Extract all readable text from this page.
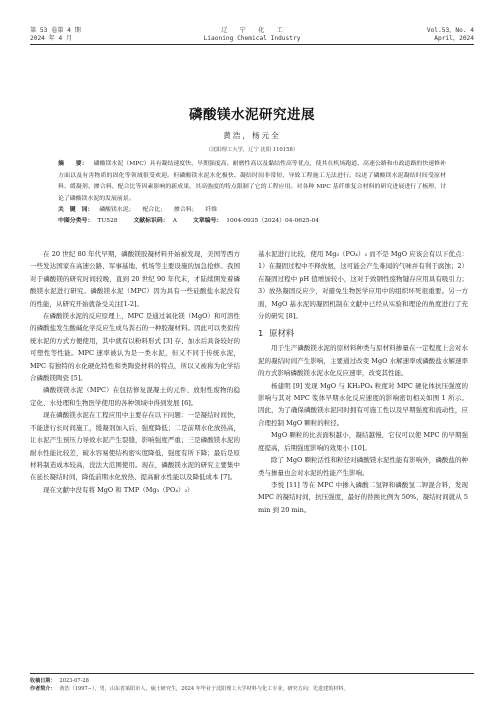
第 53 卷第 4 期
2024 年 4 月
辽　　宁　　化　　工
Liaoning Chemical Industry
Vol.53，No. 4
April，2024
磷酸镁水泥研究进展
黄浩，杨元全
（沈阳理工大学，辽宁 沈阳 110158）
摘　　要： 磷酸镁水泥（MPC）具有凝结速度快、早期强度高、耐磨性高以及黏结性高等优点，使其在机场跑道、高速公路和市政道路的快速修补方面以及有害物质的固化等领域很受欢迎。但磷酸镁水泥水化极快、凝结时间非常短，导致工程施工无法进行。综述了磷酸镁水泥凝结时间受原材料、缓凝剂、掺合料、配合比等因素影响的新成果，其高強度的特点限制了它的工程应用。对各种 MPC 基纤维复合材料的研究进展进行了梳理，讨论了磷酸镁水泥的发展前景。
关　键　词： 磷酸镁水泥； 配合比； 掺合料； 纤维
中图分类号： TU528	文献标识码： A	文章编号： 1004-0935（2024）04-0625-04

在 20 世纪 80 年代早期，磷酸镁胶凝材料开始被发现，美国等西方一些发达国家在高速公路、军事基地、机场等主要设施的加急抢修。我国对于磷酸镁的研究时间较晚，直到 20 世纪 90 年代末，才陆续開发着磷酸镁水泥进行研究。磷酸镁水泥（MPC）因为具有一些硅酸盐水泥没有的性能，从研究开始就备受关注[1-2]。

在磷酸镁水泥的反应原理上，MPC 是通过氧化镁（MgO）和可溶性的磷酸盐发生酸碱化学反应生成鸟粪石的一种胶凝材料。因此可以类似传统水泥的方式方便使用，其中就有以粉料形式 [3] 存、加水后具备较好的可塑性等性能。MPC 速率被认为是一类水泥，但又不同于传统水泥，MPC 有独特的水化硬化特性和类陶瓷材料的特点，所以又被称为化学结合磷酸镁陶瓷 [5]。

磷酸镁镁水泥（MPC）在包括修复混凝土的元件、放射性废物的稳定化、水处理和生物医学使用的各种领域中得到发展 [6]。

现在磷酸镁水泥在工程应用中主要存在以下问题：一是凝结时间快，不能进行长时间施工，缓凝剂加入后，强度降低；二是前期水化放热高，让水泥产生预压力导致水泥产生裂缝，影响强度严重；三是磷酸镁水泥的耐水性能比较差，破水容易使结构密实度降低，强度有所下降；最后是原材料制造成本较高，没法大范围使用。现在，磷酸镁水泥的研究主要集中在延长凝结时间，降低前期水化放热、提高耐水性能以及降低成本 [7]。

现在文献中没有将 MgO 和 TMP（Mg₃（PO₄）₂）

基水泥进行比较，使用 Mg₃（PO₄）₂ 而不是 MgO 应该会有以下优点：1）在凝固过程中不释放氨，这可能会产生难闻的气味并有利于腐蚀；2）在凝固过程中 pH 值增加较小，这对于致钢性废物键存应用具有吸引力；3）放热凝固反应少，对避免生物医学应用中的组织坏死很重要。另一方面，MgO 基水泥的凝固机制在文献中已经从实验和理论的角度进行了充分的研究 [8]。

1 原材料

用于生产磷酸镁水泥的原材料种类与原材料掺量在一定程度上会对水泥的凝结时间产生影响，主要通过改变 MgO 水解速率或磷酸盐水解速率的方式影响磷酸镁水泥水化反应速率，改变其性能。

杨建明 [9] 发现 MgO 与 KH₂PO₄ 粒度对 MPC 硬化体抗压强度的影响与其对 MPC 浆体早期水化反应速度的影响密切相关如图 1 所示。因此，为了确保磷酸镁水泥同时拥有可施工性以及早期强度和流动性，应合理控制 MgO 颗粒的粒径。

MgO 颗粒的比表面积越小，凝结越慢，它仅可以使 MPC 的早期强度提高，后期强度影响的效果小 [10]。

除了 MgO 颗粒活性和粒径对磷酸镁水泥性能有影响外，磷酸盐的种类与掺量也会对水泥的性能产生影响。

李悦 [11] 等在 MPC 中掺入磷酸二氢钾和磷酸氢二钾混合料，发现 MPC 的凝结时间，抗压强度，最好的替换比例为 50%，凝结时间就从 5 min 到 20 min。

收稿日期： 2023-07-28
作者简介： 黄浩（1997−），男，山东省莱阳市人，硕士研究生，2024 年毕业于沈阳理工大学材料与化工专业，研究方向：先进建筑材料。
